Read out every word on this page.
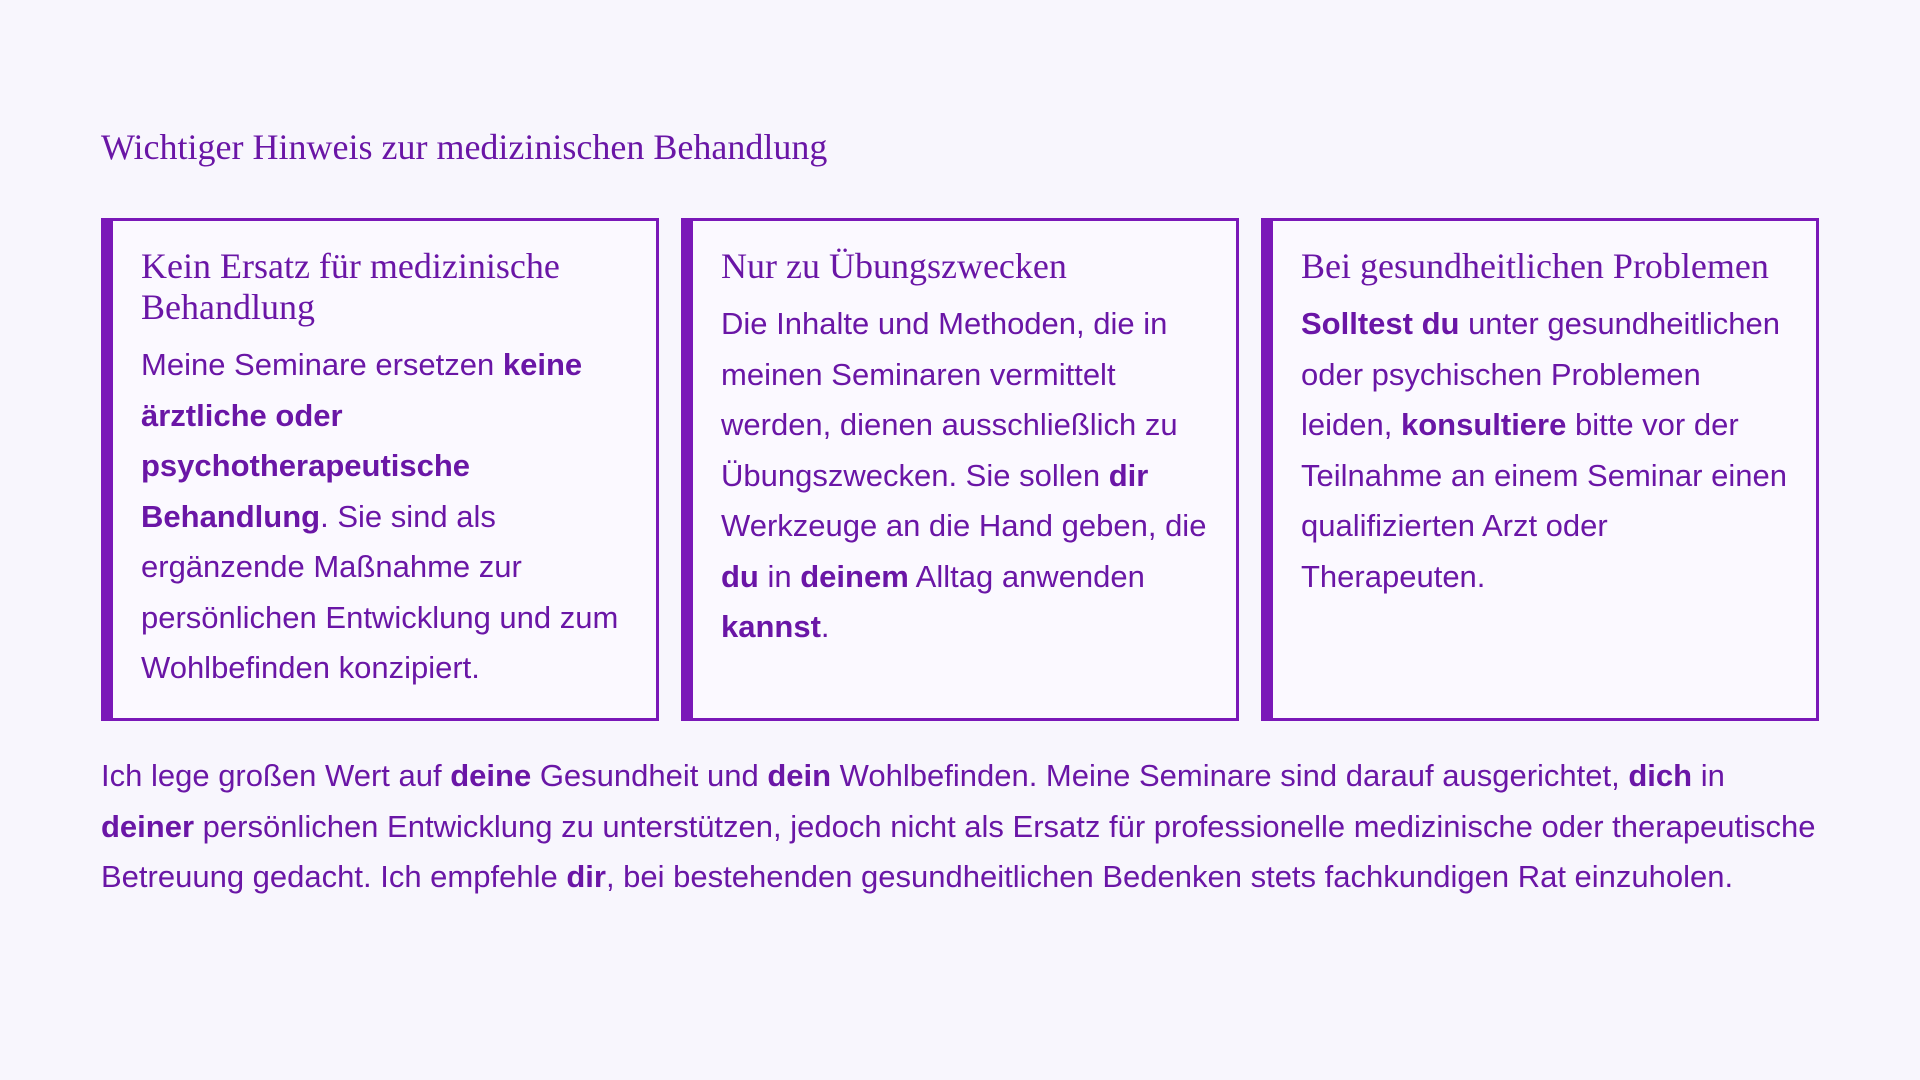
Wichtiger Hinweis zur medizinischen Behandlung
Kein Ersatz für medizinische Behandlung

Meine Seminare ersetzen keine ärztliche oder psychotherapeutische Behandlung. Sie sind als ergänzende Maßnahme zur persönlichen Entwicklung und zum Wohlbefinden konzipiert.

Nur zu Übungszwecken

Die Inhalte und Methoden, die in meinen Seminaren vermittelt werden, dienen ausschließlich zu Übungszwecken. Sie sollen dir Werkzeuge an die Hand geben, die du in deinem Alltag anwenden kannst.

Bei gesundheitlichen Problemen

Solltest du unter gesundheitlichen oder psychischen Problemen leiden, konsultiere bitte vor der Teilnahme an einem Seminar einen qualifizierten Arzt oder Therapeuten.

Ich lege großen Wert auf deine Gesundheit und dein Wohlbefinden. Meine Seminare sind darauf ausgerichtet, dich in deiner persönlichen Entwicklung zu unterstützen, jedoch nicht als Ersatz für professionelle medizinische oder therapeutische Betreuung gedacht. Ich empfehle dir, bei bestehenden gesundheitlichen Bedenken stets fachkundigen Rat einzuholen.
